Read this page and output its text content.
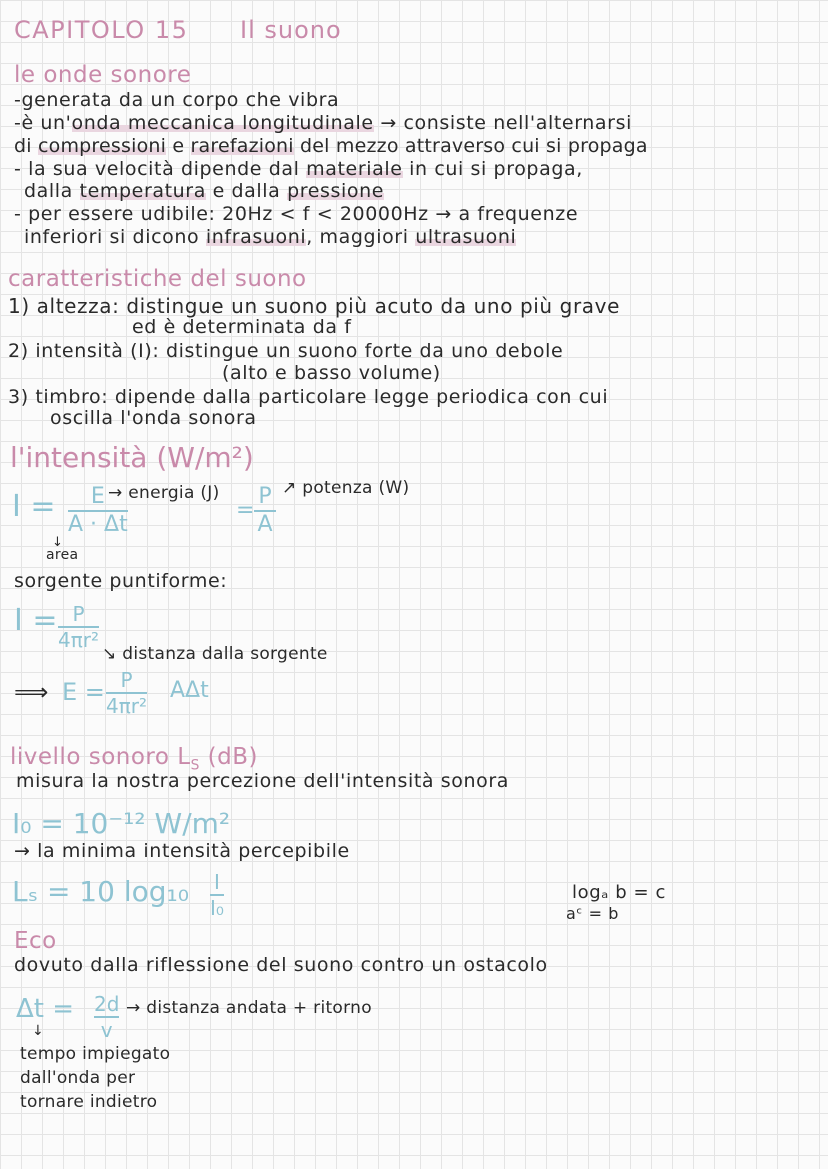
CAPITOLO 15 Il suono
le onde sonore
-generata da un corpo che vibra
-è un'onda meccanica longitudinale → consiste nell'alternarsi
di compressioni e rarefazioni del mezzo attraverso cui si propaga
- la sua velocità dipende dal materiale in cui si propaga,
dalla temperatura e dalla pressione
- per essere udibile: 20Hz < f < 20000Hz → a frequenze
inferiori si dicono infrasuoni, maggiori ultrasuoni
caratteristiche del suono
1) altezza: distingue un suono più acuto da uno più grave
ed è determinata da f
2) intensità (I): distingue un suono forte da uno debole
(alto e basso volume)
3) timbro: dipende dalla particolare legge periodica con cui
oscilla l'onda sonora
l'intensità (W/m²)
I = E
A · Δt
→ energia (J)
=
P
A
↗ potenza (W)
↓
area
sorgente puntiforme:
I = P
4πr²
↘ distanza dalla sorgente
⟹ E = P
4πr²
AΔt
livello sonoro $L_S$ (dB)
misura la nostra percezione dell'intensità sonora
I₀ = 10⁻¹² W/m²
→ la minima intensità percepibile
Lₛ = 10 log₁₀ I
I₀
logₐ b = c
aᶜ = b
Eco
dovuto dalla riflessione del suono contro un ostacolo
Δt = 2d
v
→ distanza andata + ritorno
↓
tempo impiegato
dall'onda per
tornare indietro
